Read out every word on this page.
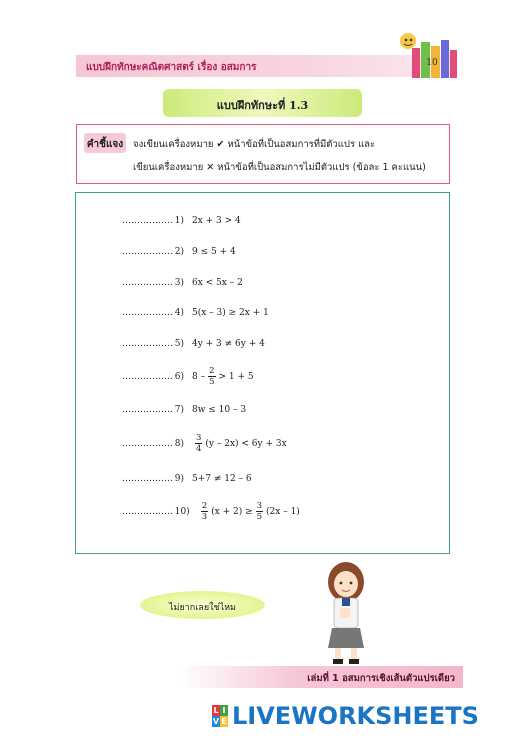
แบบฝึกทักษะคณิตศาสตร์ เรื่อง อสมการ	10
แบบฝึกทักษะที่ 1.3
คำชี้แจง	จงเขียนเครื่องหมาย ✔ หน้าข้อที่เป็นอสมการที่มีตัวแปร และ
เขียนเครื่องหมาย ✕ หน้าข้อที่เป็นอสมการไม่มีตัวแปร (ข้อละ 1 คะแนน)
…………….. 1) 2x + 3 > 4
…………….. 2) 9 ≤ 5 + 4
…………….. 3) 6x < 5x – 2
…………….. 4) 5(x – 3) ≥ 2x + 1
…………….. 5) 4y + 3 ≠ 6y + 4
…………….. 6) $8 - \frac{2}{5} > 1 + 5$
…………….. 7) 8w ≤ 10 – 3
…………….. $8) \frac{3}{4} (y - 2x) < 6y + 3x$
…………….. 9) 5+7 ≠ 12 – 6
…………….. $10) \frac{2}{3} (x + 2) \ge \frac{3}{5} (2x - 1)$
ไม่ยากเลยใช่ไหม
เล่มที่ 1 อสมการเชิงเส้นตัวแปรเดียว
L I
V E LIVEWORKSHEETS
